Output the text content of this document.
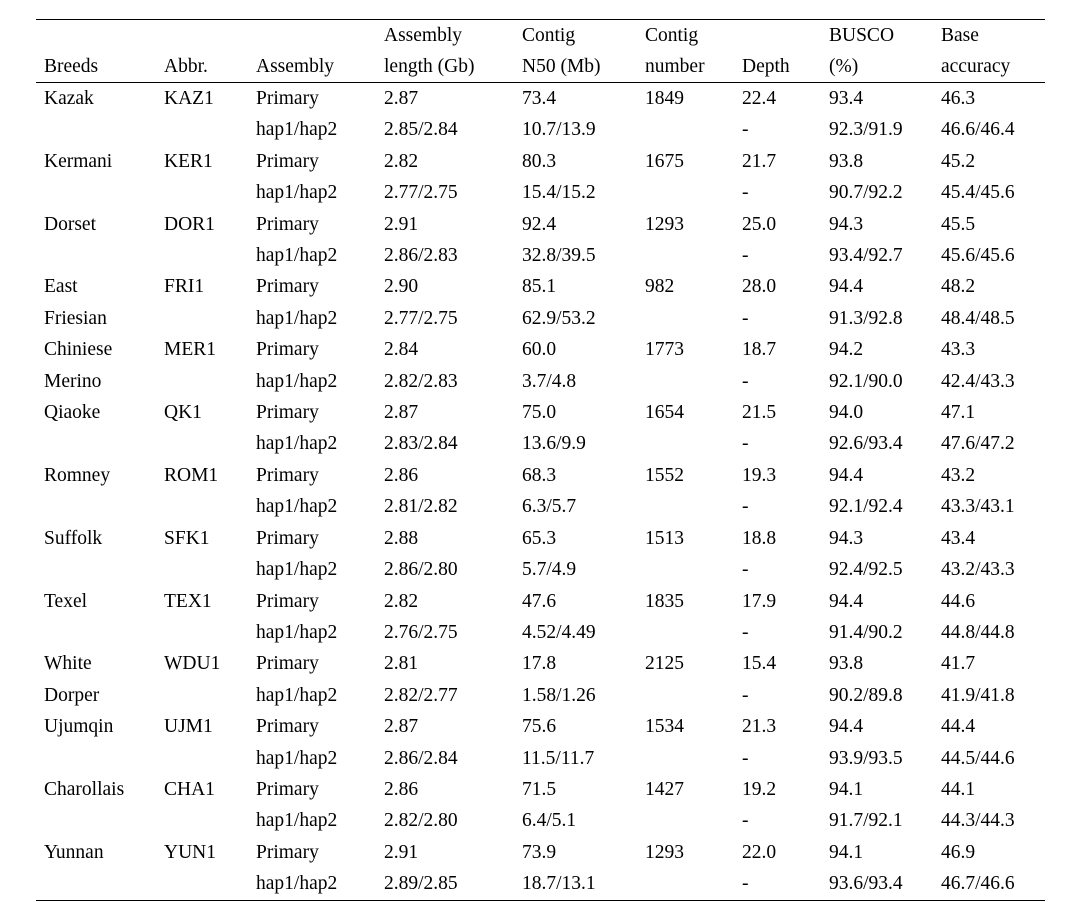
			Assembly	Contig	Contig		BUSCO	Base
Breeds	Abbr.	Assembly	length (Gb)	N50 (Mb)	number	Depth	(%)	accuracy
Kazak	KAZ1	Primary	2.87	73.4	1849	22.4	93.4	46.3
		hap1/hap2	2.85/2.84	10.7/13.9		-	92.3/91.9	46.6/46.4
Kermani	KER1	Primary	2.82	80.3	1675	21.7	93.8	45.2
		hap1/hap2	2.77/2.75	15.4/15.2		-	90.7/92.2	45.4/45.6
Dorset	DOR1	Primary	2.91	92.4	1293	25.0	94.3	45.5
		hap1/hap2	2.86/2.83	32.8/39.5		-	93.4/92.7	45.6/45.6
East	FRI1	Primary	2.90	85.1	982	28.0	94.4	48.2
Friesian		hap1/hap2	2.77/2.75	62.9/53.2		-	91.3/92.8	48.4/48.5
Chiniese	MER1	Primary	2.84	60.0	1773	18.7	94.2	43.3
Merino		hap1/hap2	2.82/2.83	3.7/4.8		-	92.1/90.0	42.4/43.3
Qiaoke	QK1	Primary	2.87	75.0	1654	21.5	94.0	47.1
		hap1/hap2	2.83/2.84	13.6/9.9		-	92.6/93.4	47.6/47.2
Romney	ROM1	Primary	2.86	68.3	1552	19.3	94.4	43.2
		hap1/hap2	2.81/2.82	6.3/5.7		-	92.1/92.4	43.3/43.1
Suffolk	SFK1	Primary	2.88	65.3	1513	18.8	94.3	43.4
		hap1/hap2	2.86/2.80	5.7/4.9		-	92.4/92.5	43.2/43.3
Texel	TEX1	Primary	2.82	47.6	1835	17.9	94.4	44.6
		hap1/hap2	2.76/2.75	4.52/4.49		-	91.4/90.2	44.8/44.8
White	WDU1	Primary	2.81	17.8	2125	15.4	93.8	41.7
Dorper		hap1/hap2	2.82/2.77	1.58/1.26		-	90.2/89.8	41.9/41.8
Ujumqin	UJM1	Primary	2.87	75.6	1534	21.3	94.4	44.4
		hap1/hap2	2.86/2.84	11.5/11.7		-	93.9/93.5	44.5/44.6
Charollais	CHA1	Primary	2.86	71.5	1427	19.2	94.1	44.1
		hap1/hap2	2.82/2.80	6.4/5.1		-	91.7/92.1	44.3/44.3
Yunnan	YUN1	Primary	2.91	73.9	1293	22.0	94.1	46.9
		hap1/hap2	2.89/2.85	18.7/13.1		-	93.6/93.4	46.7/46.6
